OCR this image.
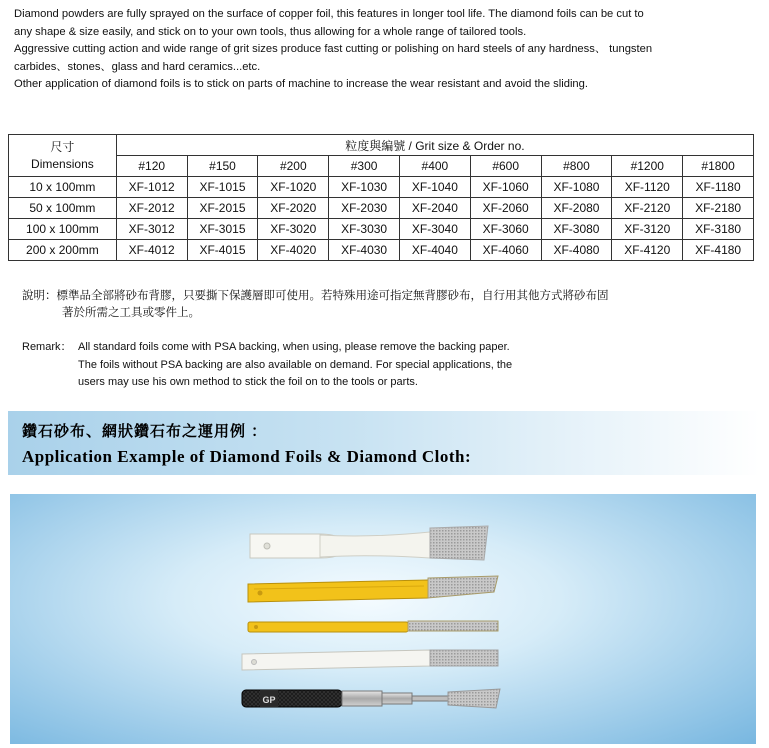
Diamond powders are fully sprayed on the surface of copper foil, this features in longer tool life. The diamond foils can be cut to

any shape & size easily, and stick on to your own tools, thus allowing for a whole range of tailored tools.

Aggressive cutting action and wide range of grit sizes produce fast cutting or polishing on hard steels of any hardness、 tungsten

carbides、stones、glass and hard ceramics...etc.

Other application of diamond foils is to stick on parts of machine to increase the wear resistant and avoid the sliding.

尺寸
Dimensions	粒度與編號 / Grit size & Order no.								
	#120	#150	#200	#300	#400	#600	#800	#1200	#1800
10 x 100mm	XF-1012	XF-1015	XF-1020	XF-1030	XF-1040	XF-1060	XF-1080	XF-1120	XF-1180
50 x 100mm	XF-2012	XF-2015	XF-2020	XF-2030	XF-2040	XF-2060	XF-2080	XF-2120	XF-2180
100 x 100mm	XF-3012	XF-3015	XF-3020	XF-3030	XF-3040	XF-3060	XF-3080	XF-3120	XF-3180
200 x 200mm	XF-4012	XF-4015	XF-4020	XF-4030	XF-4040	XF-4060	XF-4080	XF-4120	XF-4180
說明：標準品全部將砂布背膠，只要撕下保護層即可使用。若特殊用途可指定無背膠砂布，自行用其他方式將砂布固
著於所需之工具或零件上。
Remark： All standard foils come with PSA backing, when using, please remove the backing paper.
The foils without PSA backing are also available on demand. For special applications, the
users may use his own method to stick the foil on to the tools or parts.
鑽石砂布、網狀鑽石布之運用例 ：
Application Example of Diamond Foils & Diamond Cloth:
GP
